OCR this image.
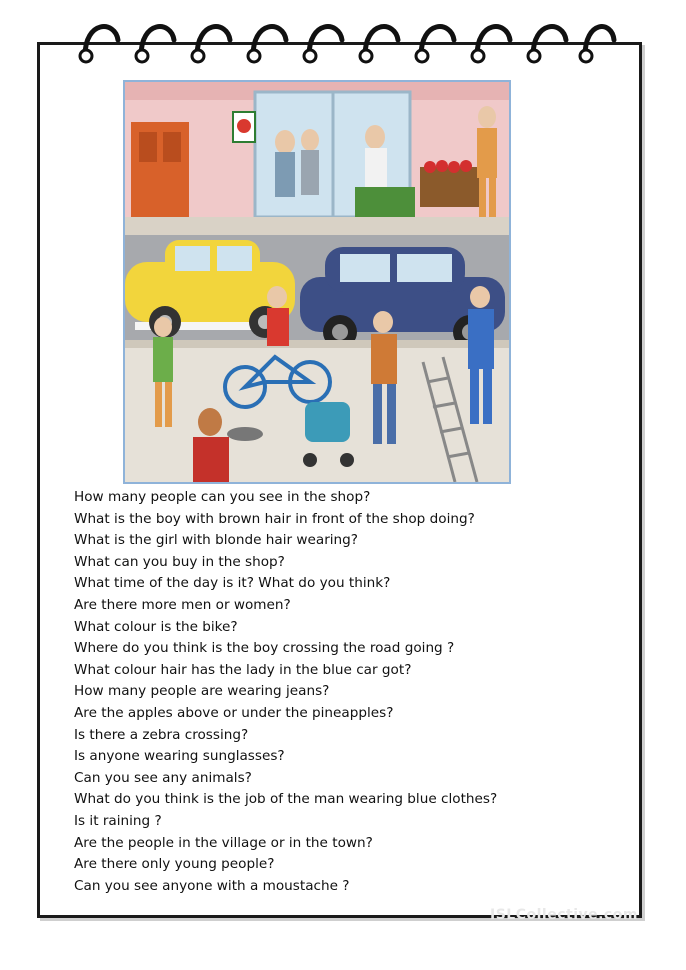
How many people can you see in the shop?
What is the boy with brown hair in front of the shop doing?
What is the girl with blonde hair wearing?
What can you buy in the shop?
What time of the day is it? What do you think?
Are there more men or women?
What colour is the bike?
Where do you think is the boy crossing the road going ?
What colour hair has the lady in the blue car got?
How many people are wearing jeans?
Are the apples above or under the pineapples?
Is there a zebra crossing?
Is anyone wearing sunglasses?
Can you see any animals?
What do you think is the job of the man wearing blue clothes?
Is it raining ?
Are the people in the village or in the town?
Are there only young people?
Can you see anyone with a moustache ?
ISLCollective.com
